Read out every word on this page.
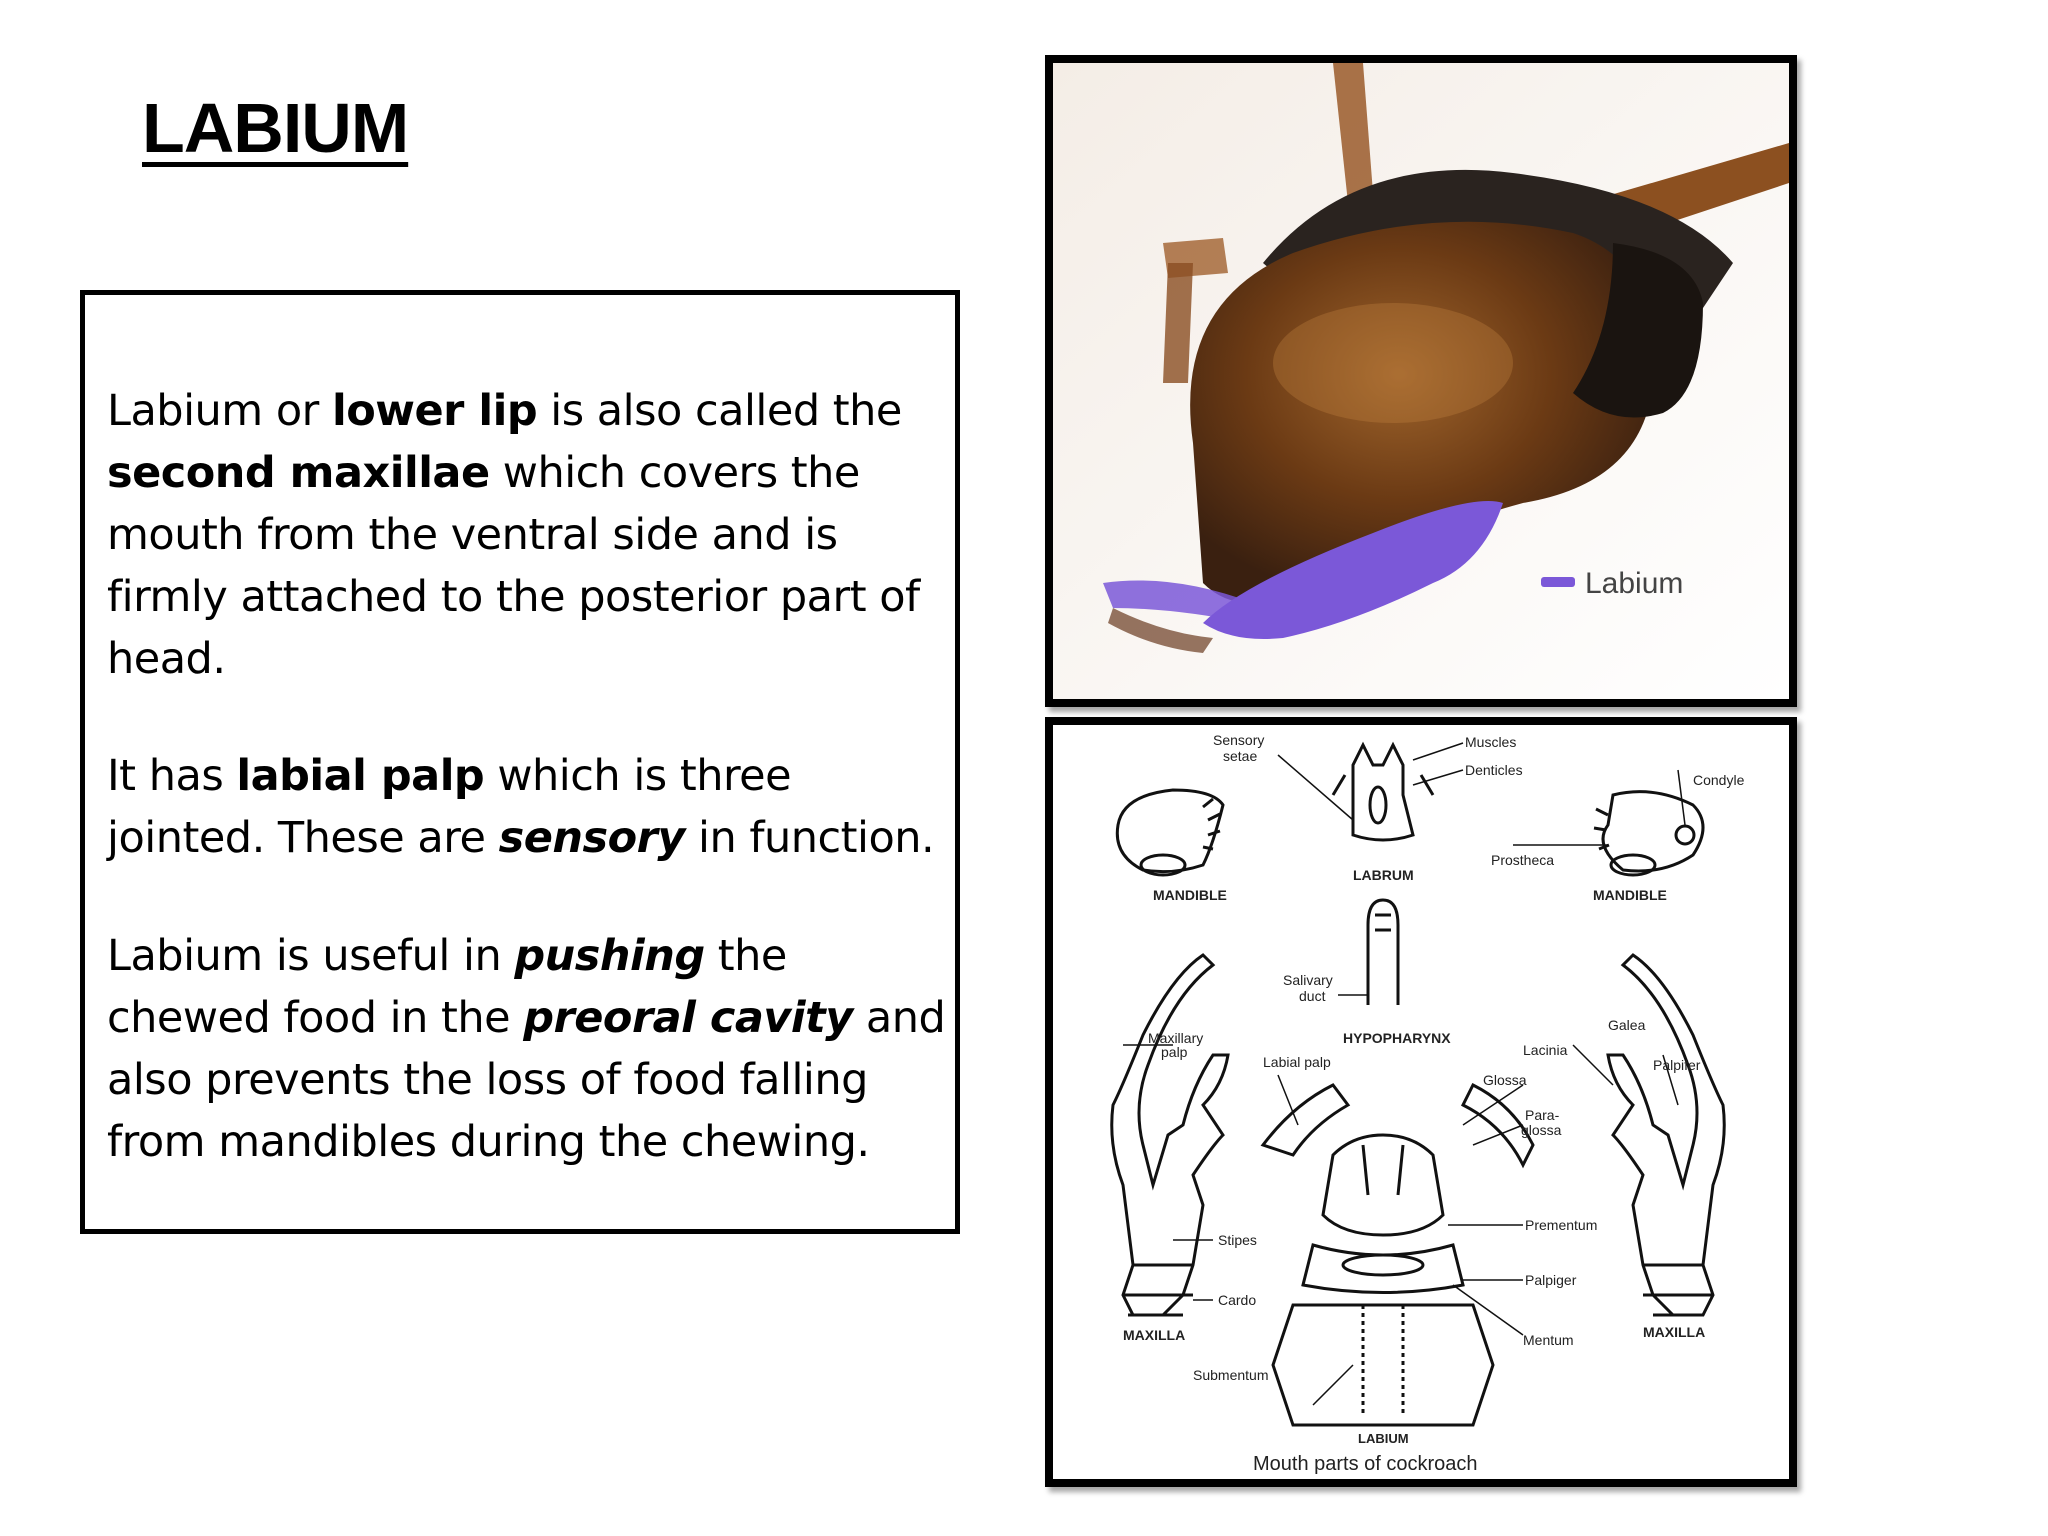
LABIUM
Labium or lower lip is also called the second maxillae which covers the mouth from the ventral side and is firmly attached to the posterior part of head.
It has labial palp which is three jointed. These are sensory in function.
Labium is useful in pushing the chewed food in the preoral cavity and also prevents the loss of food falling from mandibles during the chewing.
Labium
Sensory
setae
Muscles
Denticles
Condyle
LABRUM
Prostheca
MANDIBLE	MANDIBLE
Salivary
duct
HYPOPHARYNX
Maxillary
palp
Labial palp
Galea
Lacinia
Palpifer
Glossa
Para-
glossa
Stipes
Prementum
Palpiger
Cardo
MAXILLA	MAXILLA
Mentum
Submentum
LABIUM
Mouth parts of cockroach
